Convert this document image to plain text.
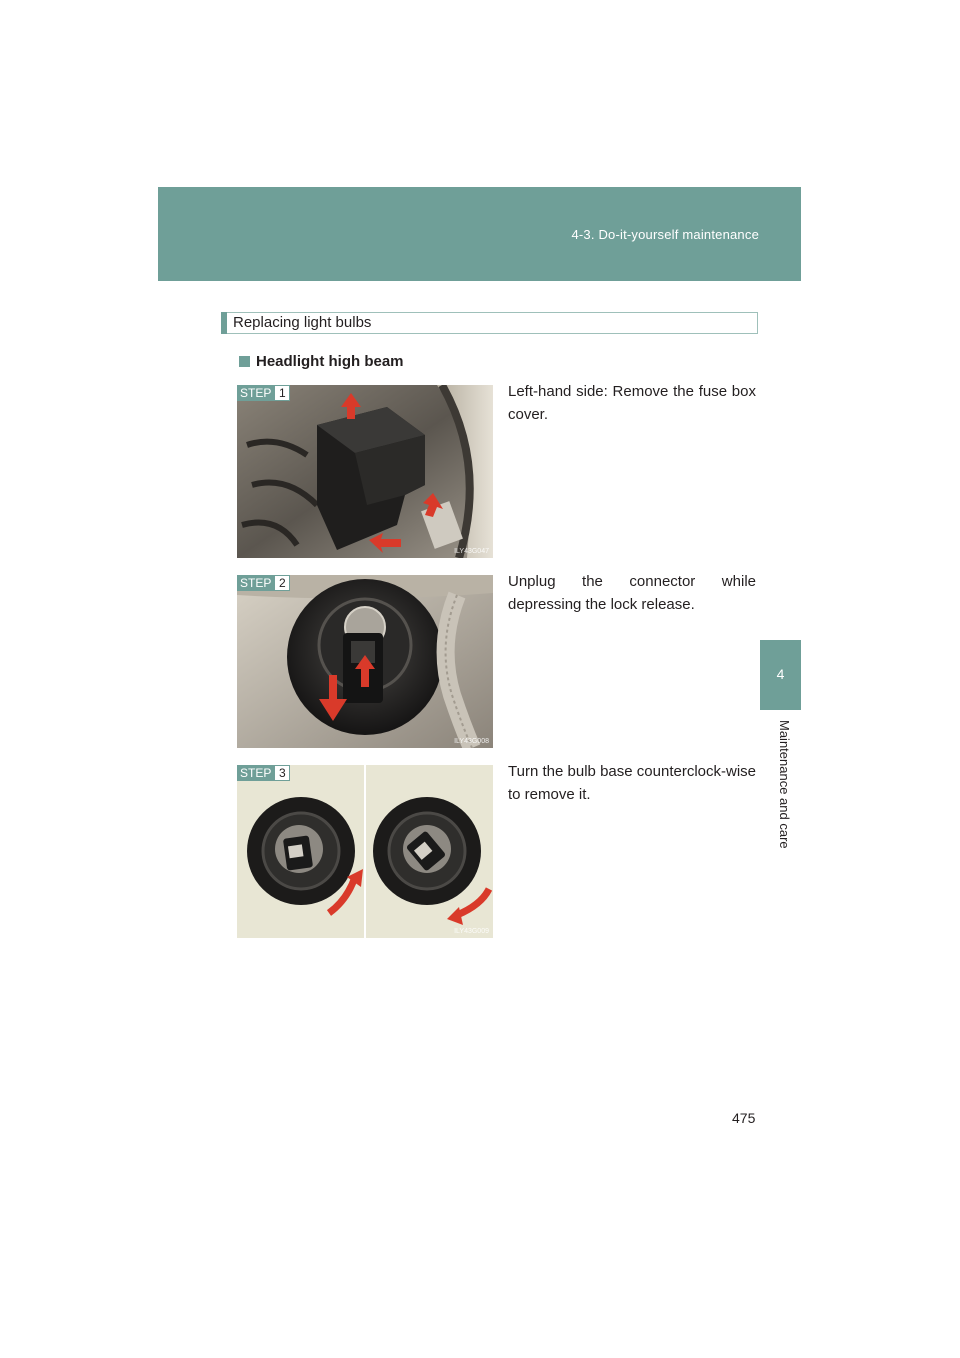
4-3. Do-it-yourself maintenance
4
Maintenance and care
Replacing light bulbs
Headlight high beam
STEP 1
ILY43G047
Left-hand side: Remove the fuse box cover.
STEP 2
ILY43G008
Unplug the connector while depressing the lock release.
STEP 3
ILY43G009
Turn the bulb base counterclock-wise to remove it.
475
